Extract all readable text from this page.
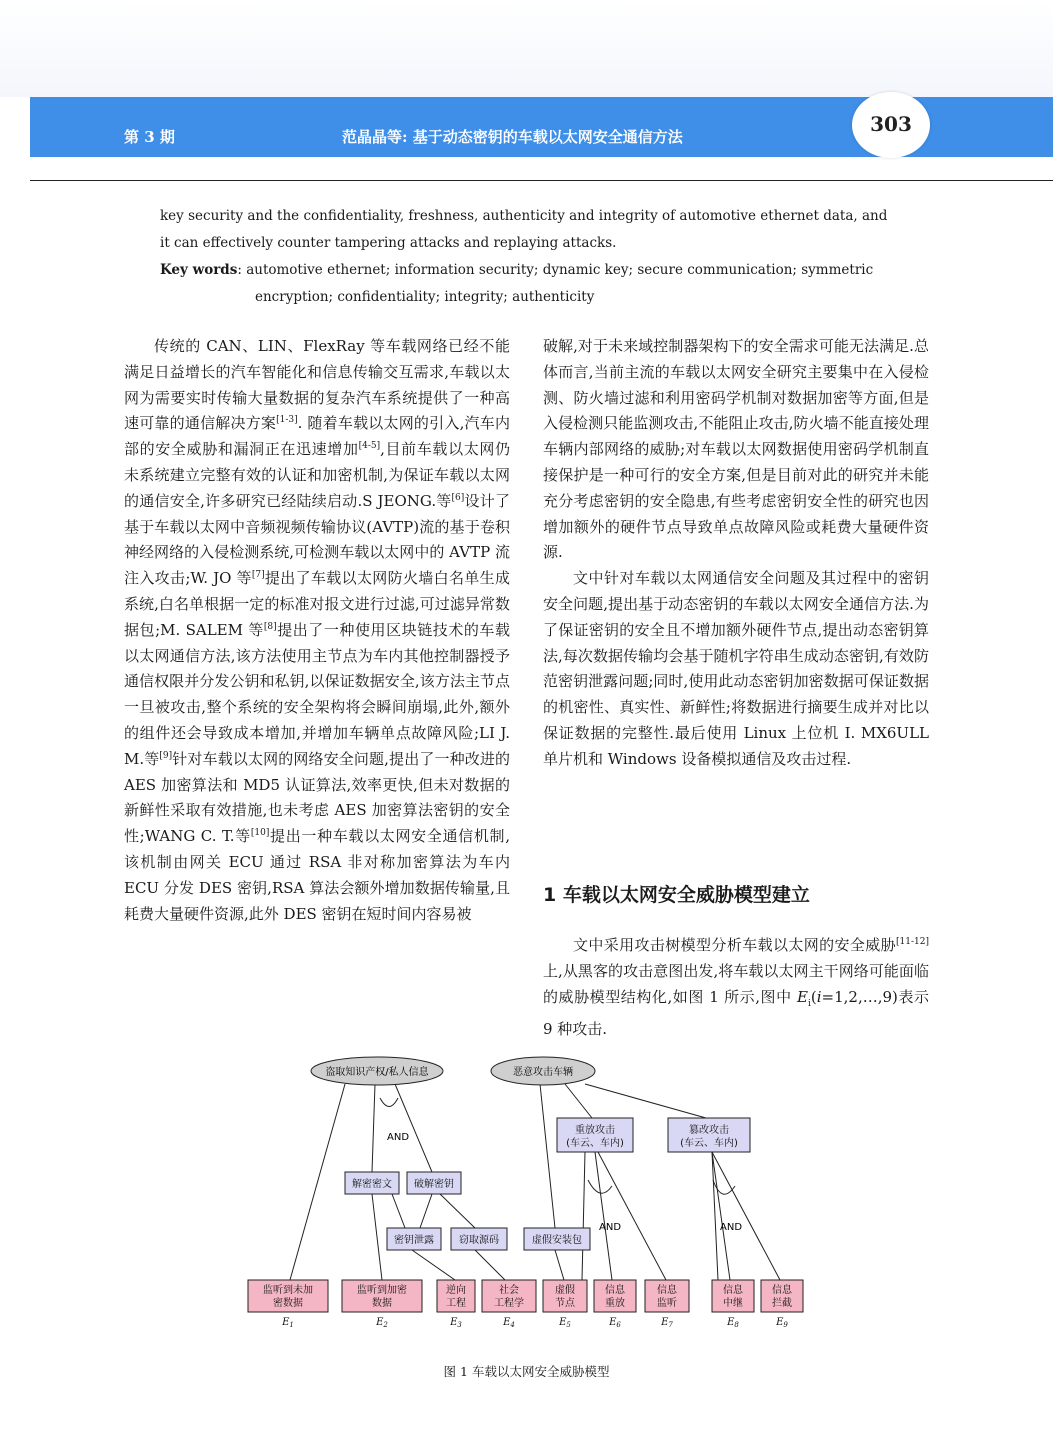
第 3 期	范晶晶等: 基于动态密钥的车载以太网安全通信方法
303
key security and the confidentiality, freshness, authenticity and integrity of automotive ethernet data, and
it can effectively counter tampering attacks and replaying attacks.
Key words: automotive ethernet; information security; dynamic key; secure communication; symmetric
encryption; confidentiality; integrity; authenticity

传统的 CAN、LIN、FlexRay 等车载网络已经不能满足日益增长的汽车智能化和信息传输交互需求,车载以太网为需要实时传输大量数据的复杂汽车系统提供了一种高速可靠的通信解决方案[1-3]. 随着车载以太网的引入,汽车内部的安全威胁和漏洞正在迅速增加[4-5],目前车载以太网仍未系统建立完整有效的认证和加密机制,为保证车载以太网的通信安全,许多研究已经陆续启动.S JEONG.等[6]设计了基于车载以太网中音频视频传输协议(AVTP)流的基于卷积神经网络的入侵检测系统,可检测车载以太网中的 AVTP 流注入攻击;W. JO 等[7]提出了车载以太网防火墙白名单生成系统,白名单根据一定的标准对报文进行过滤,可过滤异常数据包;M. SALEM 等[8]提出了一种使用区块链技术的车载以太网通信方法,该方法使用主节点为车内其他控制器授予通信权限并分发公钥和私钥,以保证数据安全,该方法主节点一旦被攻击,整个系统的安全架构将会瞬间崩塌,此外,额外的组件还会导致成本增加,并增加车辆单点故障风险;LI J. M.等[9]针对车载以太网的网络安全问题,提出了一种改进的 AES 加密算法和 MD5 认证算法,效率更快,但未对数据的新鲜性采取有效措施,也未考虑 AES 加密算法密钥的安全性;WANG C. T.等[10]提出一种车载以太网安全通信机制,该机制由网关 ECU 通过 RSA 非对称加密算法为车内 ECU 分发 DES 密钥,RSA 算法会额外增加数据传输量,且耗费大量硬件资源,此外 DES 密钥在短时间内容易被

破解,对于未来域控制器架构下的安全需求可能无法满足.总体而言,当前主流的车载以太网安全研究主要集中在入侵检测、防火墙过滤和利用密码学机制对数据加密等方面,但是入侵检测只能监测攻击,不能阻止攻击,防火墙不能直接处理车辆内部网络的威胁;对车载以太网数据使用密码学机制直接保护是一种可行的安全方案,但是目前对此的研究并未能充分考虑密钥的安全隐患,有些考虑密钥安全性的研究也因增加额外的硬件节点导致单点故障风险或耗费大量硬件资源.

文中针对车载以太网通信安全问题及其过程中的密钥安全问题,提出基于动态密钥的车载以太网安全通信方法.为了保证密钥的安全且不增加额外硬件节点,提出动态密钥算法,每次数据传输均会基于随机字符串生成动态密钥,有效防范密钥泄露问题;同时,使用此动态密钥加密数据可保证数据的机密性、真实性、新鲜性;将数据进行摘要生成并对比以保证数据的完整性.最后使用 Linux 上位机 I. MX6ULL 单片机和 Windows 设备模拟通信及攻击过程.

1 车载以太网安全威胁模型建立

文中采用攻击树模型分析车载以太网的安全威胁[11-12]上,从黑客的攻击意图出发,将车载以太网主干网络可能面临的威胁模型结构化,如图 1 所示,图中 $E_i(i=1,2,\dots,9)$表示 9 种攻击.

盗取知识产权/私人信息	恶意攻击车辆
AND
AND	AND
解密密文 破解密钥
重放攻击
(车云、车内)
篡改攻击
(车云、车内)
密钥泄露	窃取源码	虚假安装包
监听到未加
密数据
监听到加密
数据
逆向
工程
社会
工程学
虚假
节点
信息
重放
信息
监听
信息
中继
信息
拦截
$E_1$	$E_2$	$E_3$	$E_4$	$E_5$	$E_6$	$E_7$	$E_8$	$E_9$
图 1 车载以太网安全威胁模型
